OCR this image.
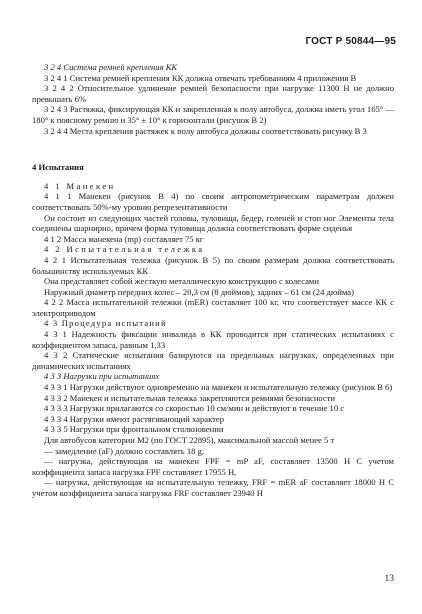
ГОСТ Р 50844—95

3 2 4 Система ремней крепления КК

3 2 4 1 Система ремней крепления КК должна отвечать требованиям 4 приложения В

3 2 4 2 Относительное удлинение ремней безопасности при нагрузке 11300 Н не должно превышать 6%

3 2 4 3 Растяжка, фиксирующая КК и закрепленная к полу автобуса, должна иметь угол 165° — 180° к поясному ремню и 35° ± 10° к горизонтали (рисунок В 2)

3 2 4 4 Места крепления растяжек к полу автобуса должны соответствовать рисунку В 3

4 Испытания

4 1 Манекен

4 1 1 Манекен (рисунок В 4) по своим антропометрическим параметрам должен соответствовать 50%-му уровню репрезентативности

Он состоит из следующих частей головы, туловища, бедер, голеней и стоп ног Элементы тела соединены шарнирно, причем форма туловища должна соответствовать форме сиденья

4 1 2 Масса манекена (mр) составляет 75 кг

4 2 Испытательная тележка

4 2 1 Испытательная тележка (рисунок В 5) по своим размерам должна соответствовать большинству используемых КК

Она представляет собой жесткую металлическую конструкцию с колесами

Наружный диаметр передних колес – 20,3 см (8 дюймов), задних – 61 см (24 дюйма)

4 2 2 Масса испытательной тележки (mER) составляет 100 кг, что соответствует массе КК с электроприводом

4 3 Процедура испытаний

4 3 1 Надежность фиксации инвалида в КК проводится при статических испытаниях с коэффициентом запаса, равным 1,33

4 3 2 Статические испытания базируются на предельных нагрузках, определенных при динамических испытаниях

4 3 3 Нагрузки при испытаниях

4 3 3 1 Нагрузки действуют одновременно на манекен и испытательную тележку (рисунок В 6)

4 3 3 2 Манекен и испытательная тележка закрепляются ремнями безопасности

4 3 3 3 Нагрузки прилагаются со скоростью 10 см/мин и действуют в течение 10 с

4 3 3 4 Нагрузки имеют растягивающий характер

4 3 3 5 Нагрузки при фронтальном столкновении

Для автобусов категории М2 (по ГОСТ 22895), максимальной массой менее 5 т

— замедление (aF) должно составлять 18 g,

— нагрузка, действующая на манекен FPF = mP aF, составляет 13500 Н С учетом коэффициента запаса нагрузка FPF составляет 17955 Н,

— нагрузка, действующая на испытательную тележку, FRF = mER aF составляет 18000 Н С учетом коэффициента запаса нагрузка FRF составляет 23940 Н

13
